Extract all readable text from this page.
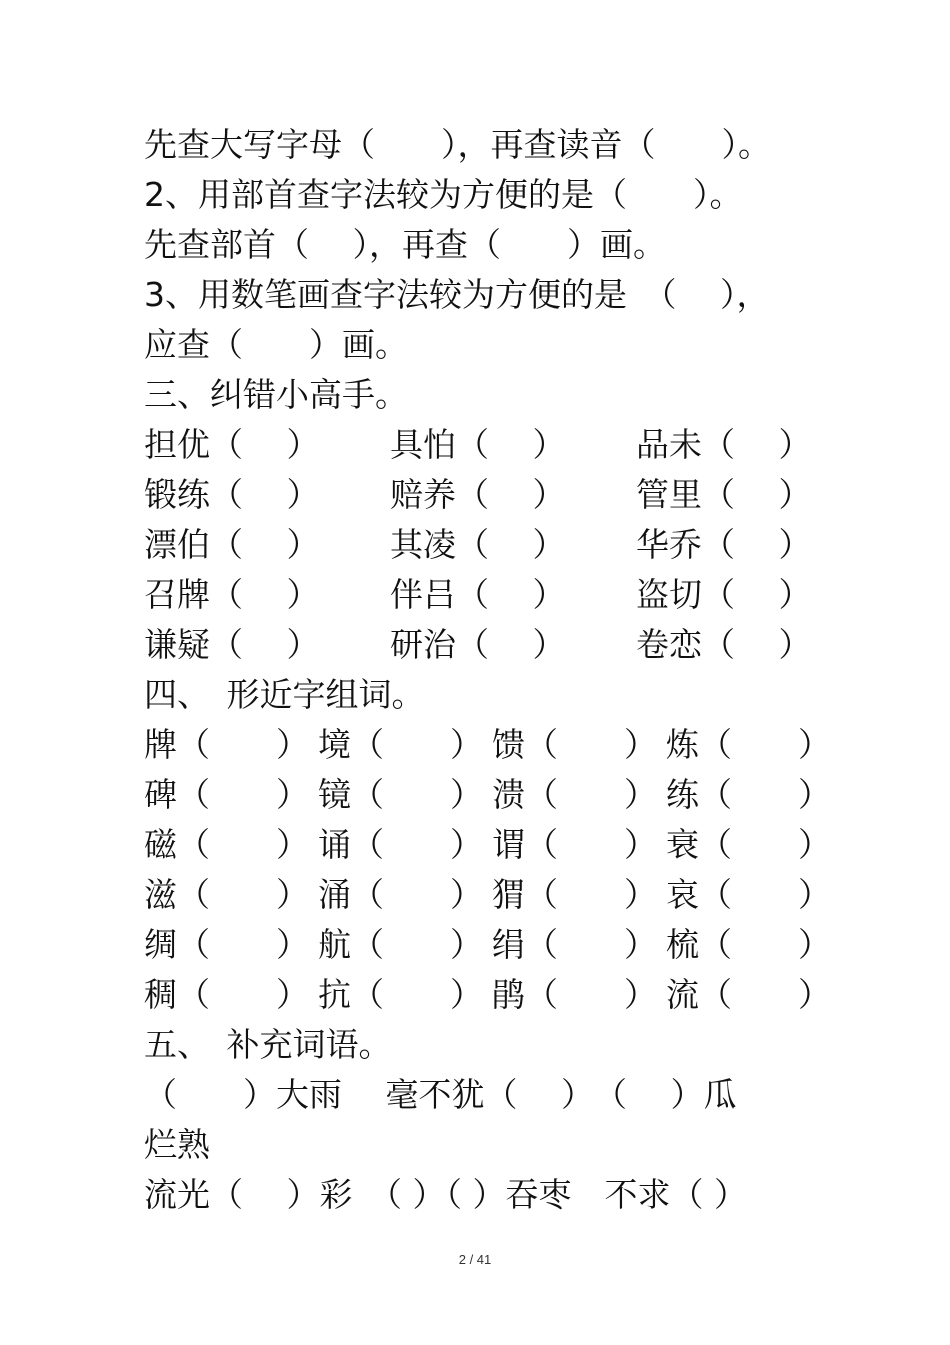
先查大写字母（　　），再查读音（　　）。
2、用部首查字法较为方便的是（　　）。
先查部首（　 ），再查（　　）画。
3、用数笔画查字法较为方便的是　（　 ），
应查（　　）画。
三、纠错小高手。
担优（　 ）	具怕（　 ）	品未（　 ）
锻练（　 ）	赔养（　 ）	管里（　 ）
漂伯（　 ）	其凌（　 ）	华乔（　 ）
召牌（　 ）	伴吕（　 ）	盗切（　 ）
谦疑（　 ）	研治（　 ）	卷恋（　 ）
四、　形近字组词。
牌（　　） 境（　　） 馈（　　） 炼（　　）
碑（　　） 镜（　　） 溃（　　） 练（　　）
磁（　　） 诵（　　） 谓（　　） 衰（　　）
滋（　　） 涌（　　） 猬（　　） 哀（　　）
绸（　　） 航（　　） 绢（　　） 梳（　　）
稠（　　） 抗（　　） 鹃（　　） 流（　　）
五、　补充词语。
（　　）大雨　 毫不犹（　 ）　（　 ）瓜
烂熟
流光（　 ）彩　（ ）（ ）吞枣　不求（ ）
2 / 41
